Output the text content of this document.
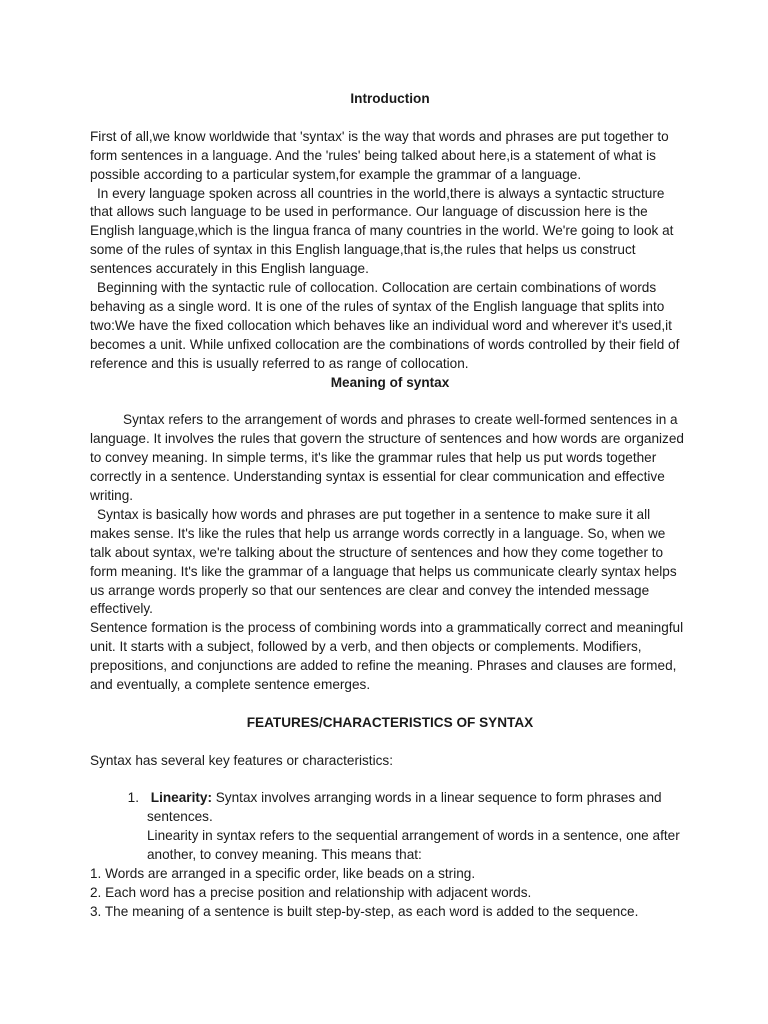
Introduction

First of all,we know worldwide that 'syntax' is the way that words and phrases are put together to form sentences in a language. And the 'rules' being talked about here,is a statement of what is possible according to a particular system,for example the grammar of a language.

In every language spoken across all countries in the world,there is always a syntactic structure that allows such language to be used in performance. Our language of discussion here is the English language,which is the lingua franca of many countries in the world. We're going to look at some of the rules of syntax in this English language,that is,the rules that helps us construct sentences accurately in this English language.

Beginning with the syntactic rule of collocation. Collocation are certain combinations of words behaving as a single word. It is one of the rules of syntax of the English language that splits into two:We have the fixed collocation which behaves like an individual word and wherever it's used,it becomes a unit. While unfixed collocation are the combinations of words controlled by their field of reference and this is usually referred to as range of collocation.

Meaning of syntax

Syntax refers to the arrangement of words and phrases to create well-formed sentences in a language. It involves the rules that govern the structure of sentences and how words are organized to convey meaning. In simple terms, it's like the grammar rules that help us put words together correctly in a sentence. Understanding syntax is essential for clear communication and effective writing.

Syntax is basically how words and phrases are put together in a sentence to make sure it all makes sense. It's like the rules that help us arrange words correctly in a language. So, when we talk about syntax, we're talking about the structure of sentences and how they come together to form meaning. It's like the grammar of a language that helps us communicate clearly syntax helps us arrange words properly so that our sentences are clear and convey the intended message effectively.

Sentence formation is the process of combining words into a grammatically correct and meaningful unit. It starts with a subject, followed by a verb, and then objects or complements. Modifiers, prepositions, and conjunctions are added to refine the meaning. Phrases and clauses are formed, and eventually, a complete sentence emerges.

FEATURES/CHARACTERISTICS OF SYNTAX

Syntax has several key features or characteristics:

1. Linearity: Syntax involves arranging words in a linear sequence to form phrases and sentences.

Linearity in syntax refers to the sequential arrangement of words in a sentence, one after another, to convey meaning. This means that:

1. Words are arranged in a specific order, like beads on a string.

2. Each word has a precise position and relationship with adjacent words.

3. The meaning of a sentence is built step-by-step, as each word is added to the sequence.
